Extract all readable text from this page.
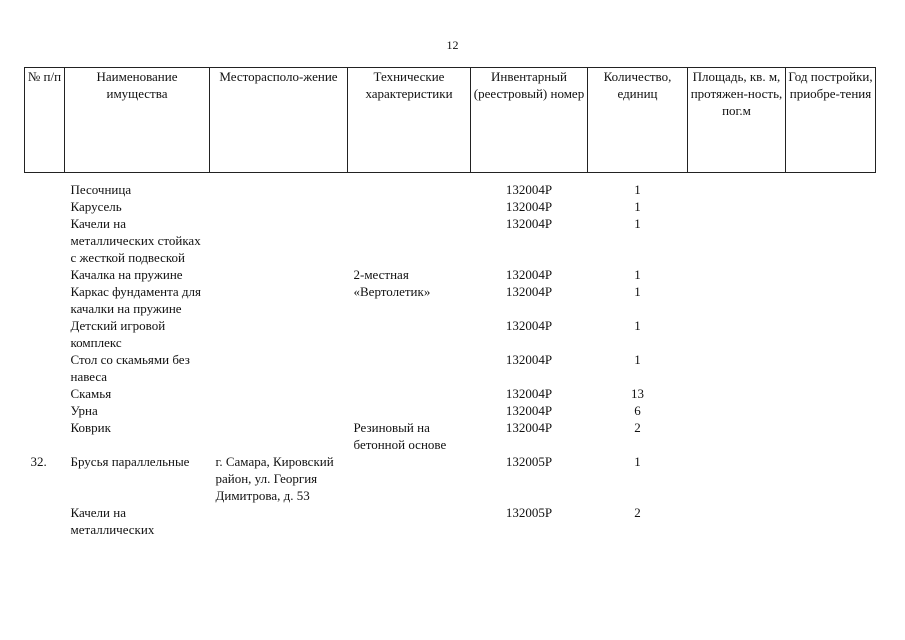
12
№ п/п	Наименование имущества	Месторасполо-жение	Технические характеристики	Инвентарный (реестровый) номер	Количество, единиц	Площадь, кв. м, протяжен-ность, пог.м	Год постройки, приобре-тения

	Песочница			132004Р	1		
	Карусель			132004Р	1		
	Качели на металлических стойках с жесткой подвеской			132004Р	1		
	Качалка на пружине		2-местная	132004Р	1		
	Каркас фундамента для качалки на пружине		«Вертолетик»	132004Р	1		
	Детский игровой комплекс			132004Р	1		
	Стол со скамьями без навеса			132004Р	1		
	Скамья			132004Р	13		
	Урна			132004Р	6		
	Коврик		Резиновый на бетонной основе	132004Р	2		
32.	Брусья параллельные	г. Самара, Кировский район, ул. Георгия Димитрова, д. 53		132005Р	1		
	Качели на металлических			132005Р	2		
